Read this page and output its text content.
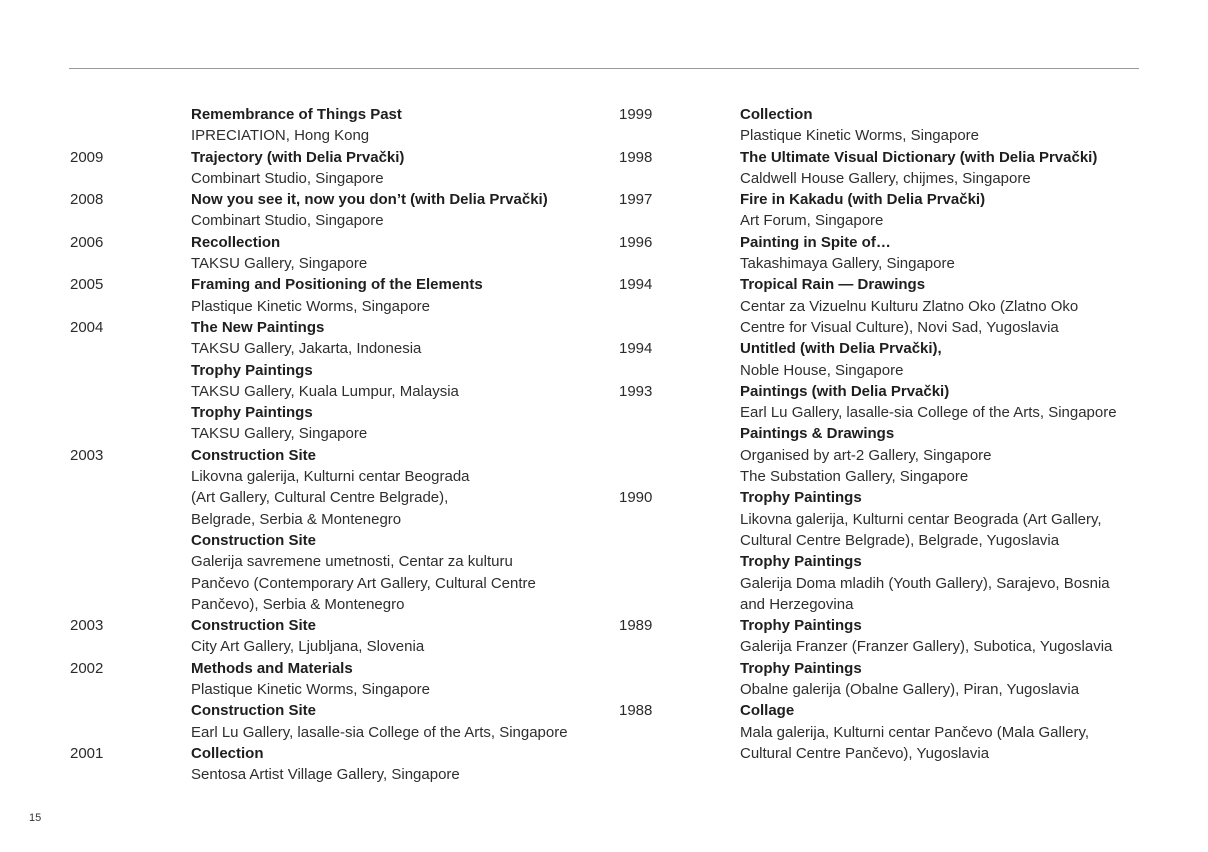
Remembrance of Things Past
IPRECIATION, Hong Kong
2009	Trajectory (with Delia Prvački)
Combinart Studio, Singapore
2008	Now you see it, now you don’t (with Delia Prvački)
Combinart Studio, Singapore
2006	Recollection
TAKSU Gallery, Singapore
2005	Framing and Positioning of the Elements
Plastique Kinetic Worms, Singapore
2004	The New Paintings
TAKSU Gallery, Jakarta, Indonesia
Trophy Paintings
TAKSU Gallery, Kuala Lumpur, Malaysia
Trophy Paintings
TAKSU Gallery, Singapore
2003	Construction Site
Likovna galerija, Kulturni centar Beograda
(Art Gallery, Cultural Centre Belgrade),
Belgrade, Serbia & Montenegro
Construction Site
Galerija savremene umetnosti, Centar za kulturu
Pančevo (Contemporary Art Gallery, Cultural Centre
Pančevo), Serbia & Montenegro
2003	Construction Site
City Art Gallery, Ljubljana, Slovenia
2002	Methods and Materials
Plastique Kinetic Worms, Singapore
Construction Site
Earl Lu Gallery, lasalle-sia College of the Arts, Singapore
2001	Collection
Sentosa Artist Village Gallery, Singapore
1999	Collection
Plastique Kinetic Worms, Singapore
1998	The Ultimate Visual Dictionary (with Delia Prvački)
Caldwell House Gallery, chijmes, Singapore
1997	Fire in Kakadu (with Delia Prvački)
Art Forum, Singapore
1996	Painting in Spite of…
Takashimaya Gallery, Singapore
1994	Tropical Rain — Drawings
Centar za Vizuelnu Kulturu Zlatno Oko (Zlatno Oko
Centre for Visual Culture), Novi Sad, Yugoslavia
1994	Untitled (with Delia Prvački),
Noble House, Singapore
1993	Paintings (with Delia Prvački)
Earl Lu Gallery, lasalle-sia College of the Arts, Singapore
Paintings & Drawings
Organised by art-2 Gallery, Singapore
The Substation Gallery, Singapore
1990	Trophy Paintings
Likovna galerija, Kulturni centar Beograda (Art Gallery,
Cultural Centre Belgrade), Belgrade, Yugoslavia
Trophy Paintings
Galerija Doma mladih (Youth Gallery), Sarajevo, Bosnia
and Herzegovina
1989	Trophy Paintings
Galerija Franzer (Franzer Gallery), Subotica, Yugoslavia
Trophy Paintings
Obalne galerija (Obalne Gallery), Piran, Yugoslavia
1988	Collage
Mala galerija, Kulturni centar Pančevo (Mala Gallery,
Cultural Centre Pančevo), Yugoslavia
15
